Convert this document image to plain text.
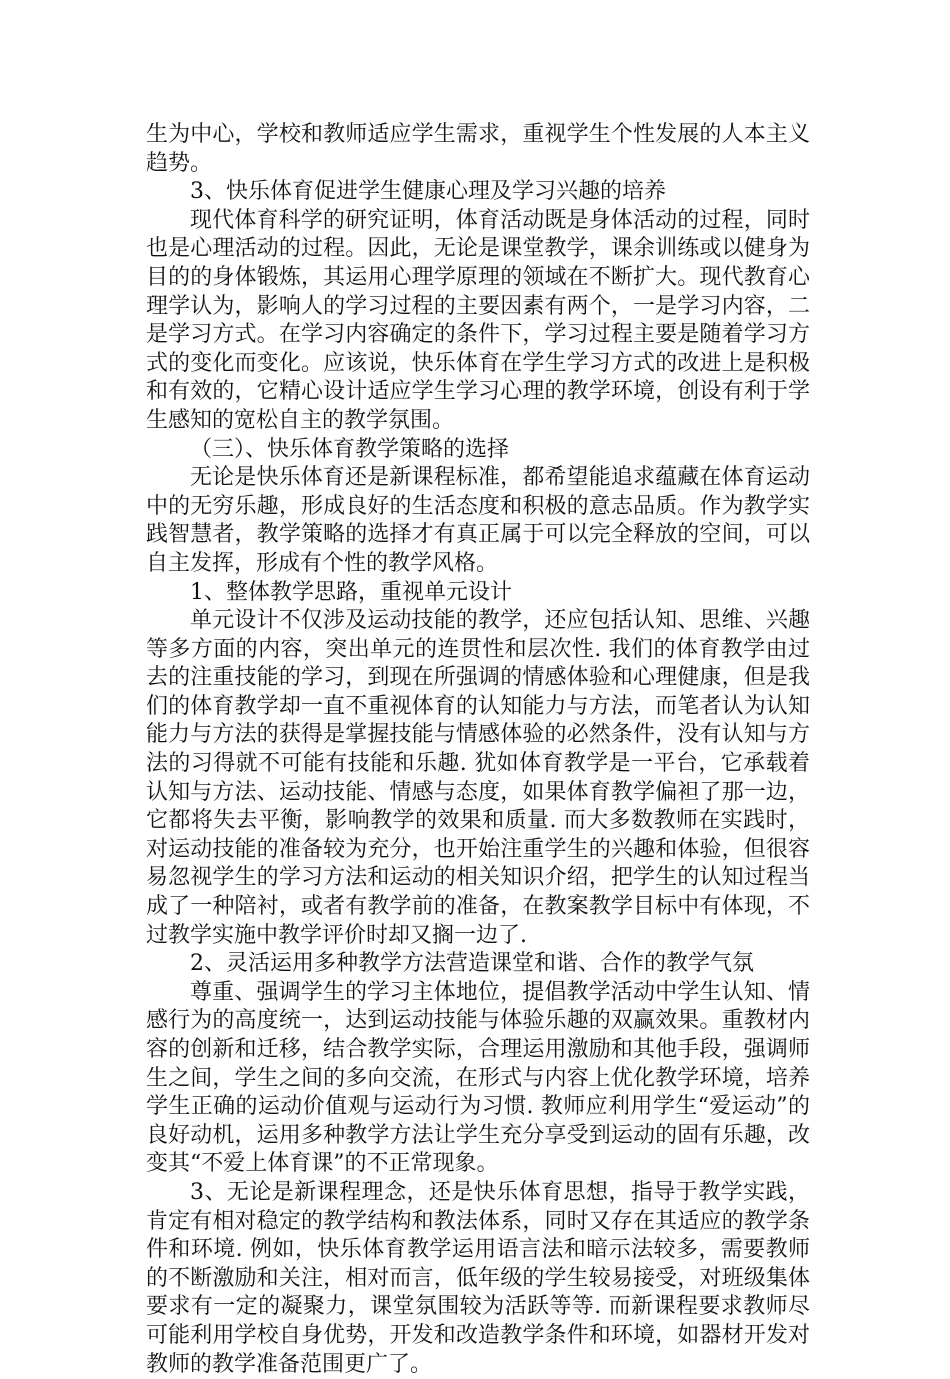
生为中心，学校和教师适应学生需求，重视学生个性发展的人本主义趋势。

3、快乐体育促进学生健康心理及学习兴趣的培养

现代体育科学的研究证明，体育活动既是身体活动的过程，同时也是心理活动的过程。因此，无论是课堂教学，课余训练或以健身为目的的身体锻炼，其运用心理学原理的领域在不断扩大。现代教育心理学认为，影响人的学习过程的主要因素有两个，一是学习内容，二是学习方式。在学习内容确定的条件下，学习过程主要是随着学习方式的变化而变化。应该说，快乐体育在学生学习方式的改进上是积极和有效的，它精心设计适应学生学习心理的教学环境，创设有利于学生感知的宽松自主的教学氛围。

（三）、快乐体育教学策略的选择

无论是快乐体育还是新课程标准，都希望能追求蕴藏在体育运动中的无穷乐趣，形成良好的生活态度和积极的意志品质。作为教学实践智慧者，教学策略的选择才有真正属于可以完全释放的空间，可以自主发挥，形成有个性的教学风格。

1、整体教学思路，重视单元设计

单元设计不仅涉及运动技能的教学，还应包括认知、思维、兴趣等多方面的内容，突出单元的连贯性和层次性. 我们的体育教学由过去的注重技能的学习，到现在所强调的情感体验和心理健康，但是我们的体育教学却一直不重视体育的认知能力与方法，而笔者认为认知能力与方法的获得是掌握技能与情感体验的必然条件，没有认知与方法的习得就不可能有技能和乐趣. 犹如体育教学是一平台，它承载着认知与方法、运动技能、情感与态度，如果体育教学偏袒了那一边，它都将失去平衡，影响教学的效果和质量. 而大多数教师在实践时，对运动技能的准备较为充分，也开始注重学生的兴趣和体验，但很容易忽视学生的学习方法和运动的相关知识介绍，把学生的认知过程当成了一种陪衬，或者有教学前的准备，在教案教学目标中有体现，不过教学实施中教学评价时却又搁一边了.

2、灵活运用多种教学方法营造课堂和谐、合作的教学气氛

尊重、强调学生的学习主体地位，提倡教学活动中学生认知、情感行为的高度统一，达到运动技能与体验乐趣的双赢效果。重教材内容的创新和迁移，结合教学实际，合理运用激励和其他手段，强调师生之间，学生之间的多向交流，在形式与内容上优化教学环境，培养学生正确的运动价值观与运动行为习惯. 教师应利用学生“爱运动”的良好动机，运用多种教学方法让学生充分享受到运动的固有乐趣，改变其“不爱上体育课”的不正常现象。

3、无论是新课程理念，还是快乐体育思想，指导于教学实践，肯定有相对稳定的教学结构和教法体系，同时又存在其适应的教学条件和环境. 例如，快乐体育教学运用语言法和暗示法较多，需要教师的不断激励和关注，相对而言，低年级的学生较易接受，对班级集体要求有一定的凝聚力，课堂氛围较为活跃等等. 而新课程要求教师尽可能利用学校自身优势，开发和改造教学条件和环境，如器材开发对教师的教学准备范围更广了。
